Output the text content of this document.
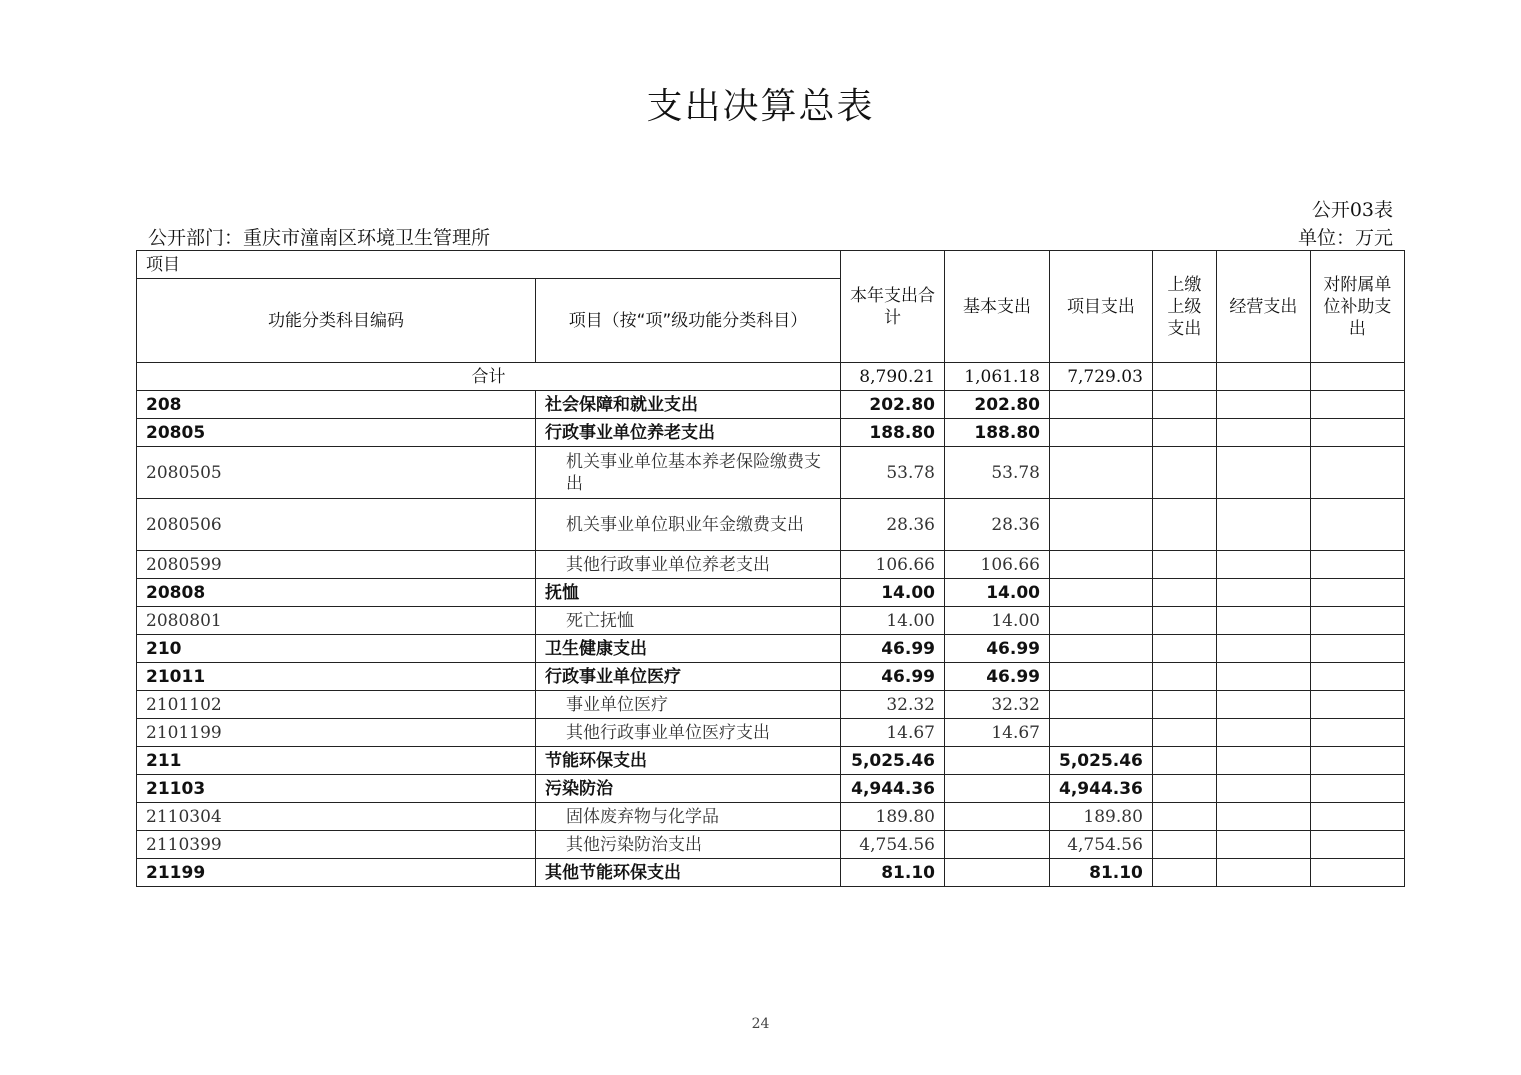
支出决算总表
公开03表
公开部门：重庆市潼南区环境卫生管理所	单位：万元
项目		本年支出合计	基本支出	项目支出	上缴上级支出	经营支出	对附属单位补助支出
功能分类科目编码	项目（按“项”级功能分类科目）						
合计		8,790.21	1,061.18	7,729.03			
208	社会保障和就业支出	202.80	202.80				
20805	行政事业单位养老支出	188.80	188.80				
2080505	机关事业单位基本养老保险缴费支出	53.78	53.78				
2080506	机关事业单位职业年金缴费支出	28.36	28.36				
2080599	其他行政事业单位养老支出	106.66	106.66				
20808	抚恤	14.00	14.00				
2080801	死亡抚恤	14.00	14.00				
210	卫生健康支出	46.99	46.99				
21011	行政事业单位医疗	46.99	46.99				
2101102	事业单位医疗	32.32	32.32				
2101199	其他行政事业单位医疗支出	14.67	14.67				
211	节能环保支出	5,025.46		5,025.46			
21103	污染防治	4,944.36		4,944.36			
2110304	固体废弃物与化学品	189.80		189.80			
2110399	其他污染防治支出	4,754.56		4,754.56			
21199	其他节能环保支出	81.10		81.10			
24
